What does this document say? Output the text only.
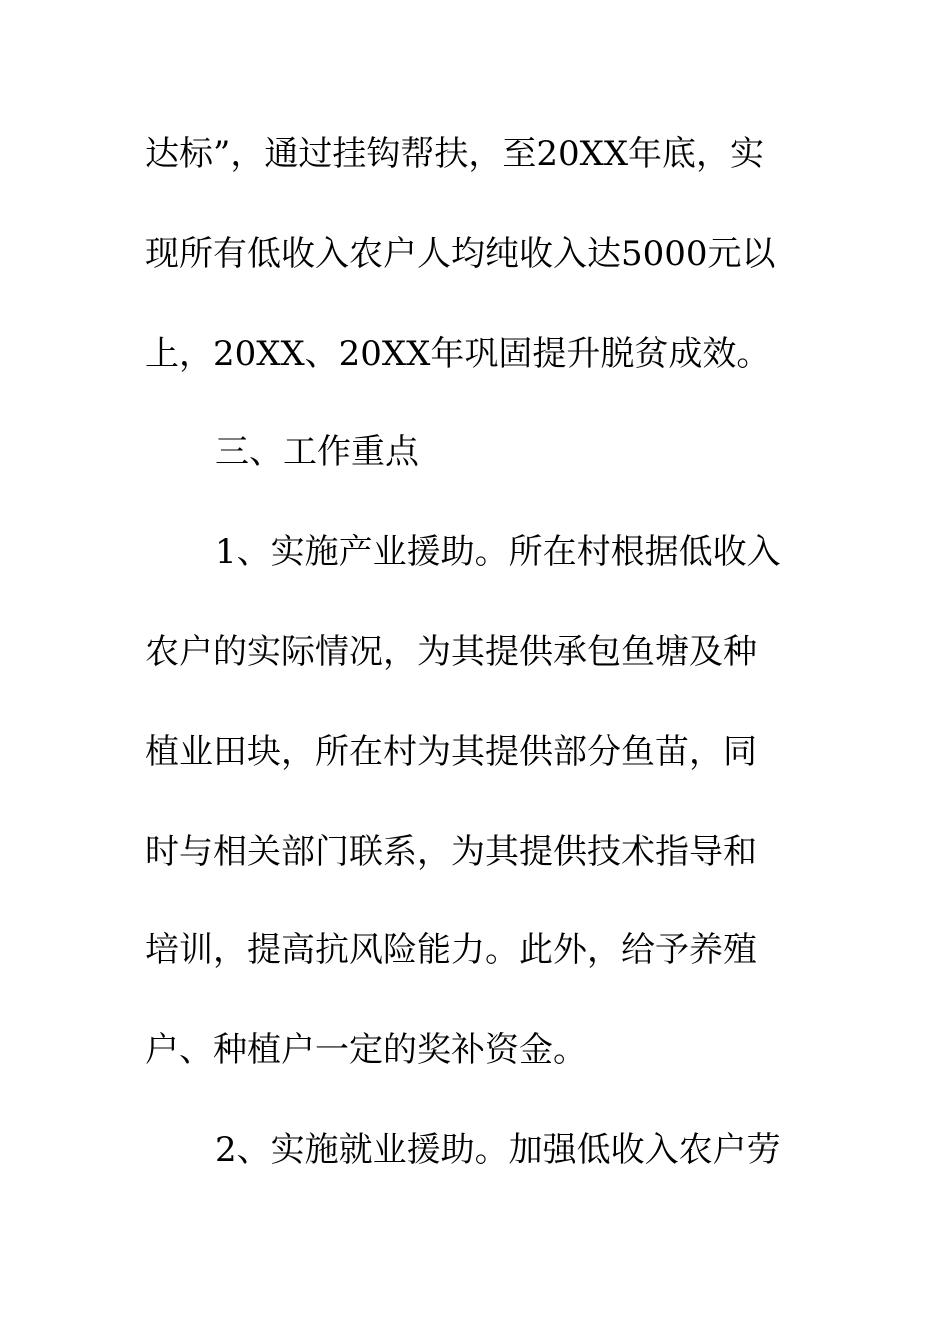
达标”，通过挂钩帮扶，至20XX年底，实
现所有低收入农户人均纯收入达5000元以
上，20XX、20XX年巩固提升脱贫成效。
三、工作重点
1、实施产业援助。所在村根据低收入
农户的实际情况，为其提供承包鱼塘及种
植业田块，所在村为其提供部分鱼苗，同
时与相关部门联系，为其提供技术指导和
培训，提高抗风险能力。此外，给予养殖
户、种植户一定的奖补资金。
2、实施就业援助。加强低收入农户劳
